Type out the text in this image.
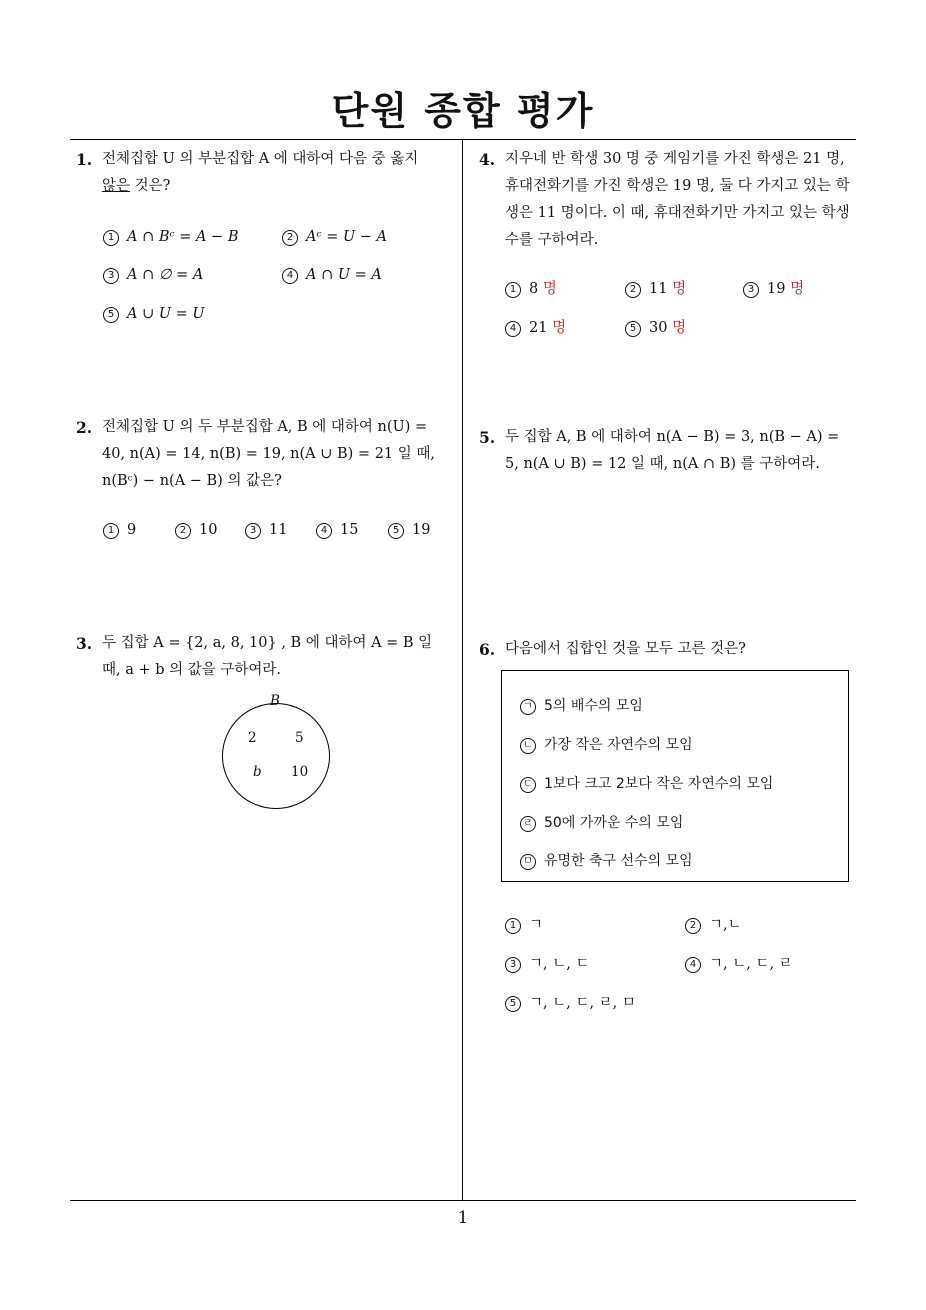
단원 종합 평가
1. 전체집합 U 의 부분집합 A 에 대하여 다음 중 옳지
않은 것은?
1 A ∩ Bᶜ = A − B	2 Aᶜ = U − A
3 A ∩ ∅ = A	4 A ∩ U = A
5 A ∪ U = U
2. 전체집합 U 의 두 부분집합 A, B 에 대하여 n(U) =
40, n(A) = 14, n(B) = 19, n(A ∪ B) = 21 일 때,
n(Bᶜ) − n(A − B) 의 값은?
1 9	2 10	3 11	4 15	5 19
3. 두 집합 A = {2, a, 8, 10} , B 에 대하여 A = B 일
때, a + b 의 값을 구하여라.
B
2	5
b 10
4. 지우네 반 학생 30 명 중 게임기를 가진 학생은 21 명,
휴대전화기를 가진 학생은 19 명, 둘 다 가지고 있는 학
생은 11 명이다. 이 때, 휴대전화기만 가지고 있는 학생
수를 구하여라.
1 8 명	2 11 명	3 19 명
4 21 명	5 30 명
5. 두 집합 A, B 에 대하여 n(A − B) = 3, n(B − A) =
5, n(A ∪ B) = 12 일 때, n(A ∩ B) 를 구하여라.
6. 다음에서 집합인 것을 모두 고른 것은?
ㄱ 5의 배수의 모임
ㄴ 가장 작은 자연수의 모임
ㄷ 1보다 크고 2보다 작은 자연수의 모임
ㄹ 50에 가까운 수의 모임
ㅁ 유명한 축구 선수의 모임
1 ㄱ	2 ㄱ,ㄴ
3 ㄱ, ㄴ, ㄷ	4 ㄱ, ㄴ, ㄷ, ㄹ
5 ㄱ, ㄴ, ㄷ, ㄹ, ㅁ
1
